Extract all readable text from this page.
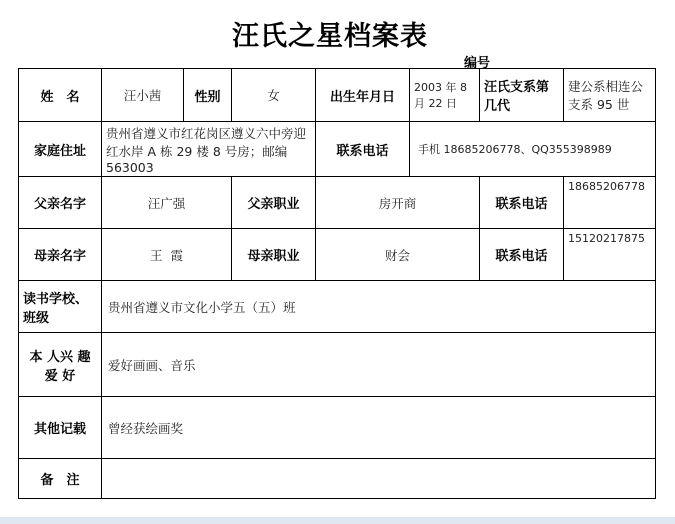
汪氏之星档案表
编号
姓　名	汪小茜	性别	女	出生年月日	2003 年 8 月 22 日	汪氏支系第几代	建公系相连公支系 95 世
家庭住址	贵州省遵义市红花岗区遵义六中旁迎红水岸 A 栋 29 楼 8 号房；邮编 563003			联系电话	手机 18685206778、QQ355398989		
父亲名字	汪广强		父亲职业	房开商		联系电话	18685206778
母亲名字	王  霞		母亲职业	财会		联系电话	15120217875
读书学校、班级	贵州省遵义市文化小学五（五）班						
本 人兴 趣爱 好	爱好画画、音乐						
其他记载	曾经获绘画奖						
备　注							
